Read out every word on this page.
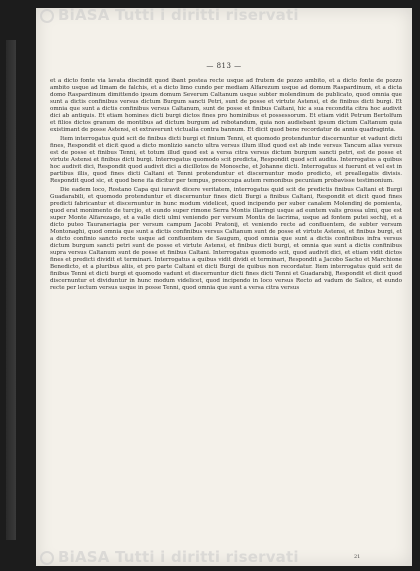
— 813 —

et a dicto fonte via lavata discindit quod ibant postea recte usque ad frutem de pozzo ambito, et a dicto fonte de pozzo ambito usque ad limam de falchis, et a dicto limo cundo per mediam Alfarezum usque ad domum Raspardinum, et a dicta domo Raspardinum dimittendo ipsum domum Severum Caltanum usque subter molendinum de publicato, quod omnia que sunt a dictis confinibus versus dictum Burgum sancti Petri, sunt de posse et virtute Astensi, et de finibus dicti burgi. Et omnia que sunt a dictis confinibus versus Caltanum, sunt de posse et finibus Caltani, hic a sua recondita citra hoc audivit dici ab antiquis. Et etiam homines dicti burgi dictos fines pro hominibus et possessorum. Et etiam vidit Petrum Bertolfum et filios dictos granum de montibus ad dictum burgum ad rebotandum, quia non audiebant ipsum dictum Caltanum quia existimant de posse Astensi, et extraverunt victualia contra bannum. Et dicit quod bene recordatur de annis quadraginta.

Item interrogatus quid scit de finibus dicti burgi et finium Tenni, et quomodo protenduntur discernuntur et vadunt dicti fines, Respondit et dicit quod a dicto monlizio sancto ultra versus illum illud quod est ab inde versus Tancum allas versus est de posse et finibus Tenni, et totum illud quod est a versa citra versus dictum burgum sancti petri, est de posse et virtute Astensi et finibus dicti burgi. Interrogatus quomodo scit predicta, Respondit quod scit audita. Interrogatus a quibus hoc audivit dici, Respondit quod audivit dici a dicillotos de Monosche, et Johanne dicti. Interrogatus si fuerunt et vel est in partibus illis, quod fines dicti Caltani et Tenni protenduntur et discernuntur modo predicto, et preallegatis divisis. Respondit quod sic, et quod bene ita dicitur per tempus, preoccupa autem remonibus pecuniam probavisse testimonium.

Die eadem loco, Rostano Capa qui iuravit dicere veritatem, interrogatus quid scit de predictis finibus Caltani et Burgi Guadarabili, et quomodo protenduntur et discernuntur fines dicti Burgi a finibus Caltani, Respondit et dicit quod fines predicti fabricantur et discernuntur in hunc modum videlicet, quod incipendo per suber canalem Molendinj de pomienta, quod erat monimento de turcjio, et eundo super rimone Serra Montis illaringi usque ad euntem valis grossa ulmi, que est super Monte Alfarezago, et a valle dicti ulmi veniendo per versum Montis de lacrima, usque ad fontem putei sechij, et a dicto puteo Tauraneriagia per versum campum Jacobi Pratonij, et veniendo recte ad confluentem, de subter versum Montonaghi, quod omnia que sunt a dictis confinibus versus Caltanum sunt de posse et virtute Astensi, et finibus burgi, et a dicto confinio sancto recte usque ad confluentem de Saugum, quod omnia que sunt a dictis confinibus infra versus dictum burgum sancti petri sunt de posse et virtute Astensi, et finibus dicti burgi, et omnia que sunt a dictis confinibus supra versus Caltanum sunt de posse et finibus Caltani. Interrogatus quomodo scit, quod audivit dici, et etiam vidit dictos fines et predicti dividit et terminari. Interrogatus a quibus vidit dividi et terminari, Respondit a Jacobo Sacho et Marchione Benedicto, et a pluribus aliis, et pro parte Caltani et dicti Burgi de quibus non recordatur. Item interrogatus quid scit de finibus Tenni et dicti burgi et quomodo vadunt et discernuntur dicti fines dicti Tenni et Guadarabij, Respondit et dicit quod discernuntur et dividuntur in hunc modum videlicet, quod incipendo in loco versus Recto ad vadum de Salice, et eundo recte per lectum versus usque in posse Tenni, quod omnia que sunt a versa citra versus

21
BiASA Tutti i diritti riservati
BiASA Tutti i diritti riservati
